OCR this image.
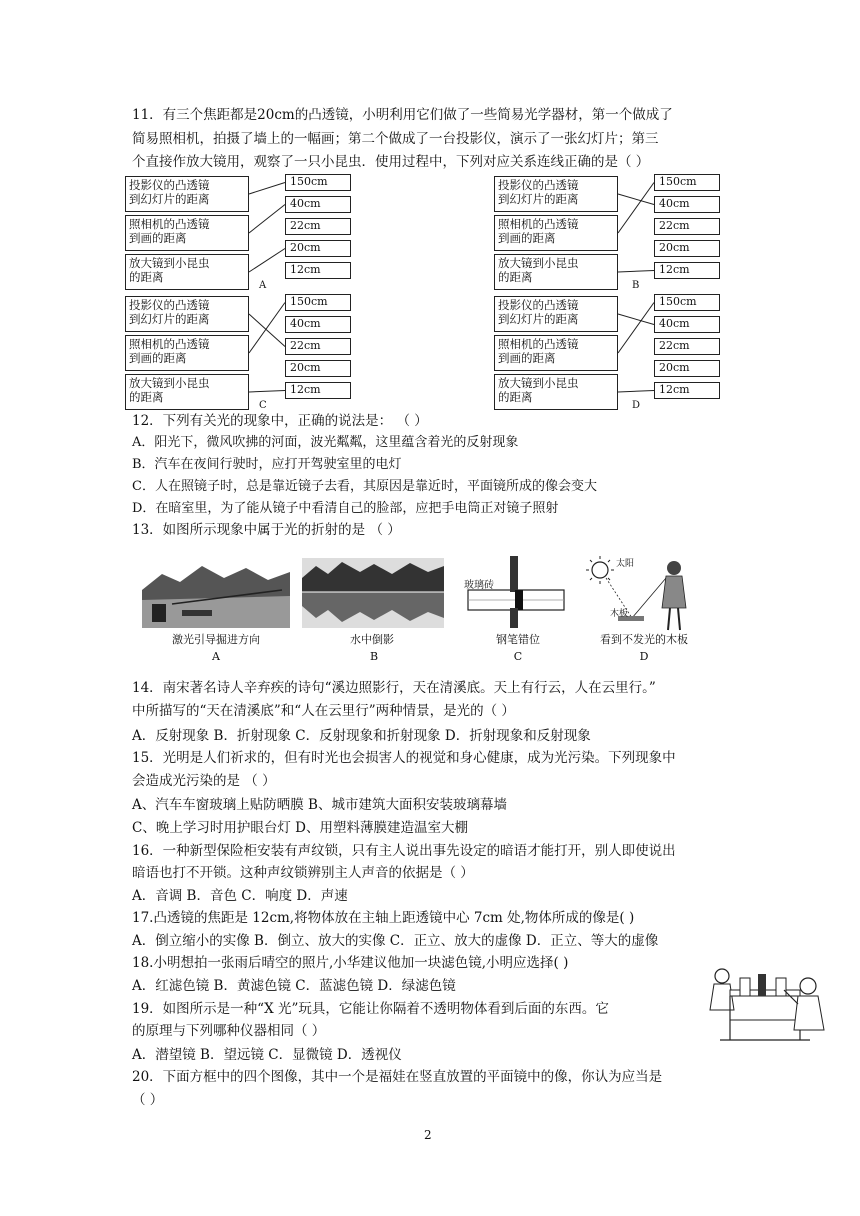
11．有三个焦距都是20cm的凸透镜，小明利用它们做了一些简易光学器材，第一个做成了
简易照相机，拍摄了墙上的一幅画；第二个做成了一台投影仪，演示了一张幻灯片；第三
个直接作放大镜用，观察了一只小昆虫．使用过程中，下列对应关系连线正确的是（ ）
投影仪的凸透镜
到幻灯片的距离
照相机的凸透镜
到画的距离
放大镜到小昆虫
的距离
150cm
40cm
22cm
20cm
12cm
A
投影仪的凸透镜
到幻灯片的距离
照相机的凸透镜
到画的距离
放大镜到小昆虫
的距离
150cm
40cm
22cm
20cm
12cm
B
投影仪的凸透镜
到幻灯片的距离
照相机的凸透镜
到画的距离
放大镜到小昆虫
的距离
150cm
40cm
22cm
20cm
12cm
C
投影仪的凸透镜
到幻灯片的距离
照相机的凸透镜
到画的距离
放大镜到小昆虫
的距离
150cm
40cm
22cm
20cm
12cm
D
12．下列有关光的现象中，正确的说法是： （ ）
A．阳光下，微风吹拂的河面，波光粼粼，这里蕴含着光的反射现象
B．汽车在夜间行驶时，应打开驾驶室里的电灯
C．人在照镜子时，总是靠近镜子去看，其原因是靠近时，平面镜所成的像会变大
D．在暗室里，为了能从镜子中看清自己的脸部，应把手电筒正对镜子照射
13．如图所示现象中属于光的折射的是 （ ）
激光引导掘进方向
A
水中倒影
B
玻璃砖
钢笔错位
C
太阳
木板
看到不发光的木板
D
14．南宋著名诗人辛弃疾的诗句“溪边照影行，天在清溪底。天上有行云，人在云里行。”
中所描写的“天在清溪底”和“人在云里行”两种情景，是光的（ ）
A．反射现象 B．折射现象 C．反射现象和折射现象 D．折射现象和反射现象
15．光明是人们祈求的，但有时光也会损害人的视觉和身心健康，成为光污染。下列现象中
会造成光污染的是 （ ）
A、汽车车窗玻璃上贴防晒膜 B、城市建筑大面积安装玻璃幕墙
C、晚上学习时用护眼台灯 D、用塑料薄膜建造温室大棚
16．一种新型保险柜安装有声纹锁，只有主人说出事先设定的暗语才能打开，别人即使说出
暗语也打不开锁。这种声纹锁辨别主人声音的依据是（ ）
A．音调 B．音色 C．响度 D．声速
17.凸透镜的焦距是 12cm,将物体放在主轴上距透镜中心 7cm 处,物体所成的像是( )
A．倒立缩小的实像 B．倒立、放大的实像 C．正立、放大的虚像 D．正立、等大的虚像
18.小明想拍一张雨后晴空的照片,小华建议他加一块滤色镜,小明应选择( )
A．红滤色镜 B．黄滤色镜 C．蓝滤色镜 D．绿滤色镜
19．如图所示是一种“X 光”玩具，它能让你隔着不透明物体看到后面的东西。它
的原理与下列哪种仪器相同（ ）
A．潜望镜 B．望远镜 C．显微镜 D．透视仪
20．下面方框中的四个图像，其中一个是福娃在竖直放置的平面镜中的像，你认为应当是
（ ）
2
